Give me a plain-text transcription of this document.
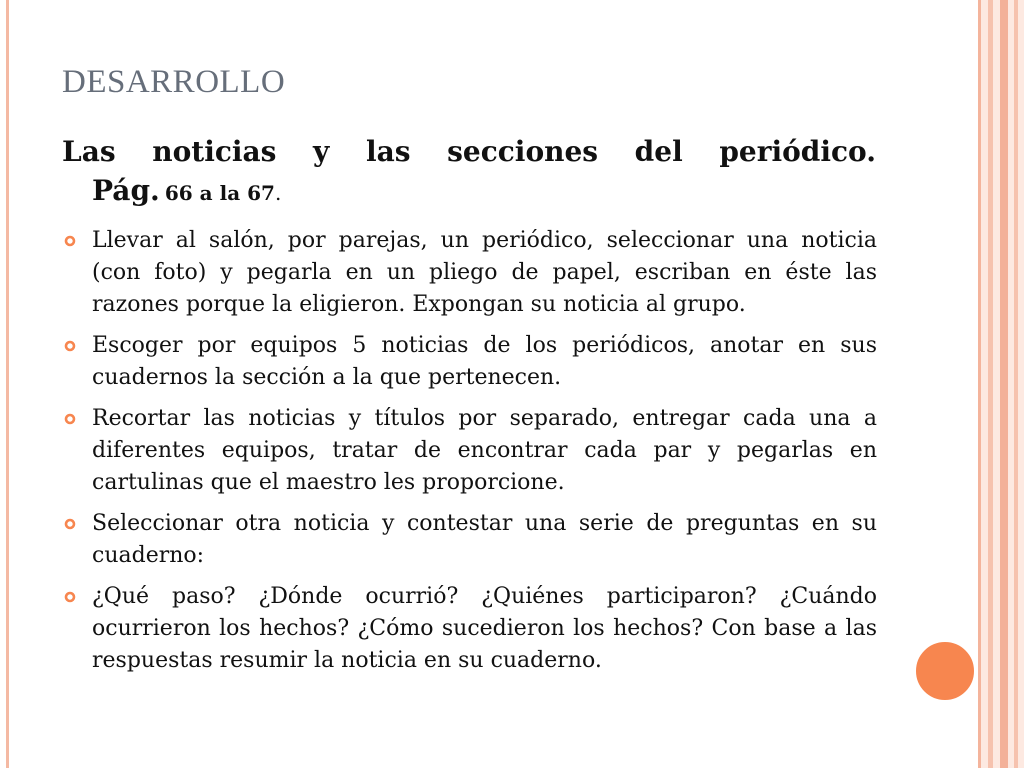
DESARROLLO
Las noticias y las secciones del periódico.
Pág. 66 a la 67.
Llevar al salón, por parejas, un periódico, seleccionar una noticia (con foto) y pegarla en un pliego de papel, escriban en éste las razones porque la eligieron. Expongan su noticia al grupo.
Escoger por equipos 5 noticias de los periódicos, anotar en sus cuadernos la sección a la que pertenecen.
Recortar las noticias y títulos por separado, entregar cada una a diferentes equipos, tratar de encontrar cada par y pegarlas en cartulinas que el maestro les proporcione.
Seleccionar otra noticia y contestar una serie de preguntas en su cuaderno:
¿Qué paso? ¿Dónde ocurrió? ¿Quiénes participaron? ¿Cuándo ocurrieron los hechos? ¿Cómo sucedieron los hechos? Con base a las respuestas resumir la noticia en su cuaderno.
